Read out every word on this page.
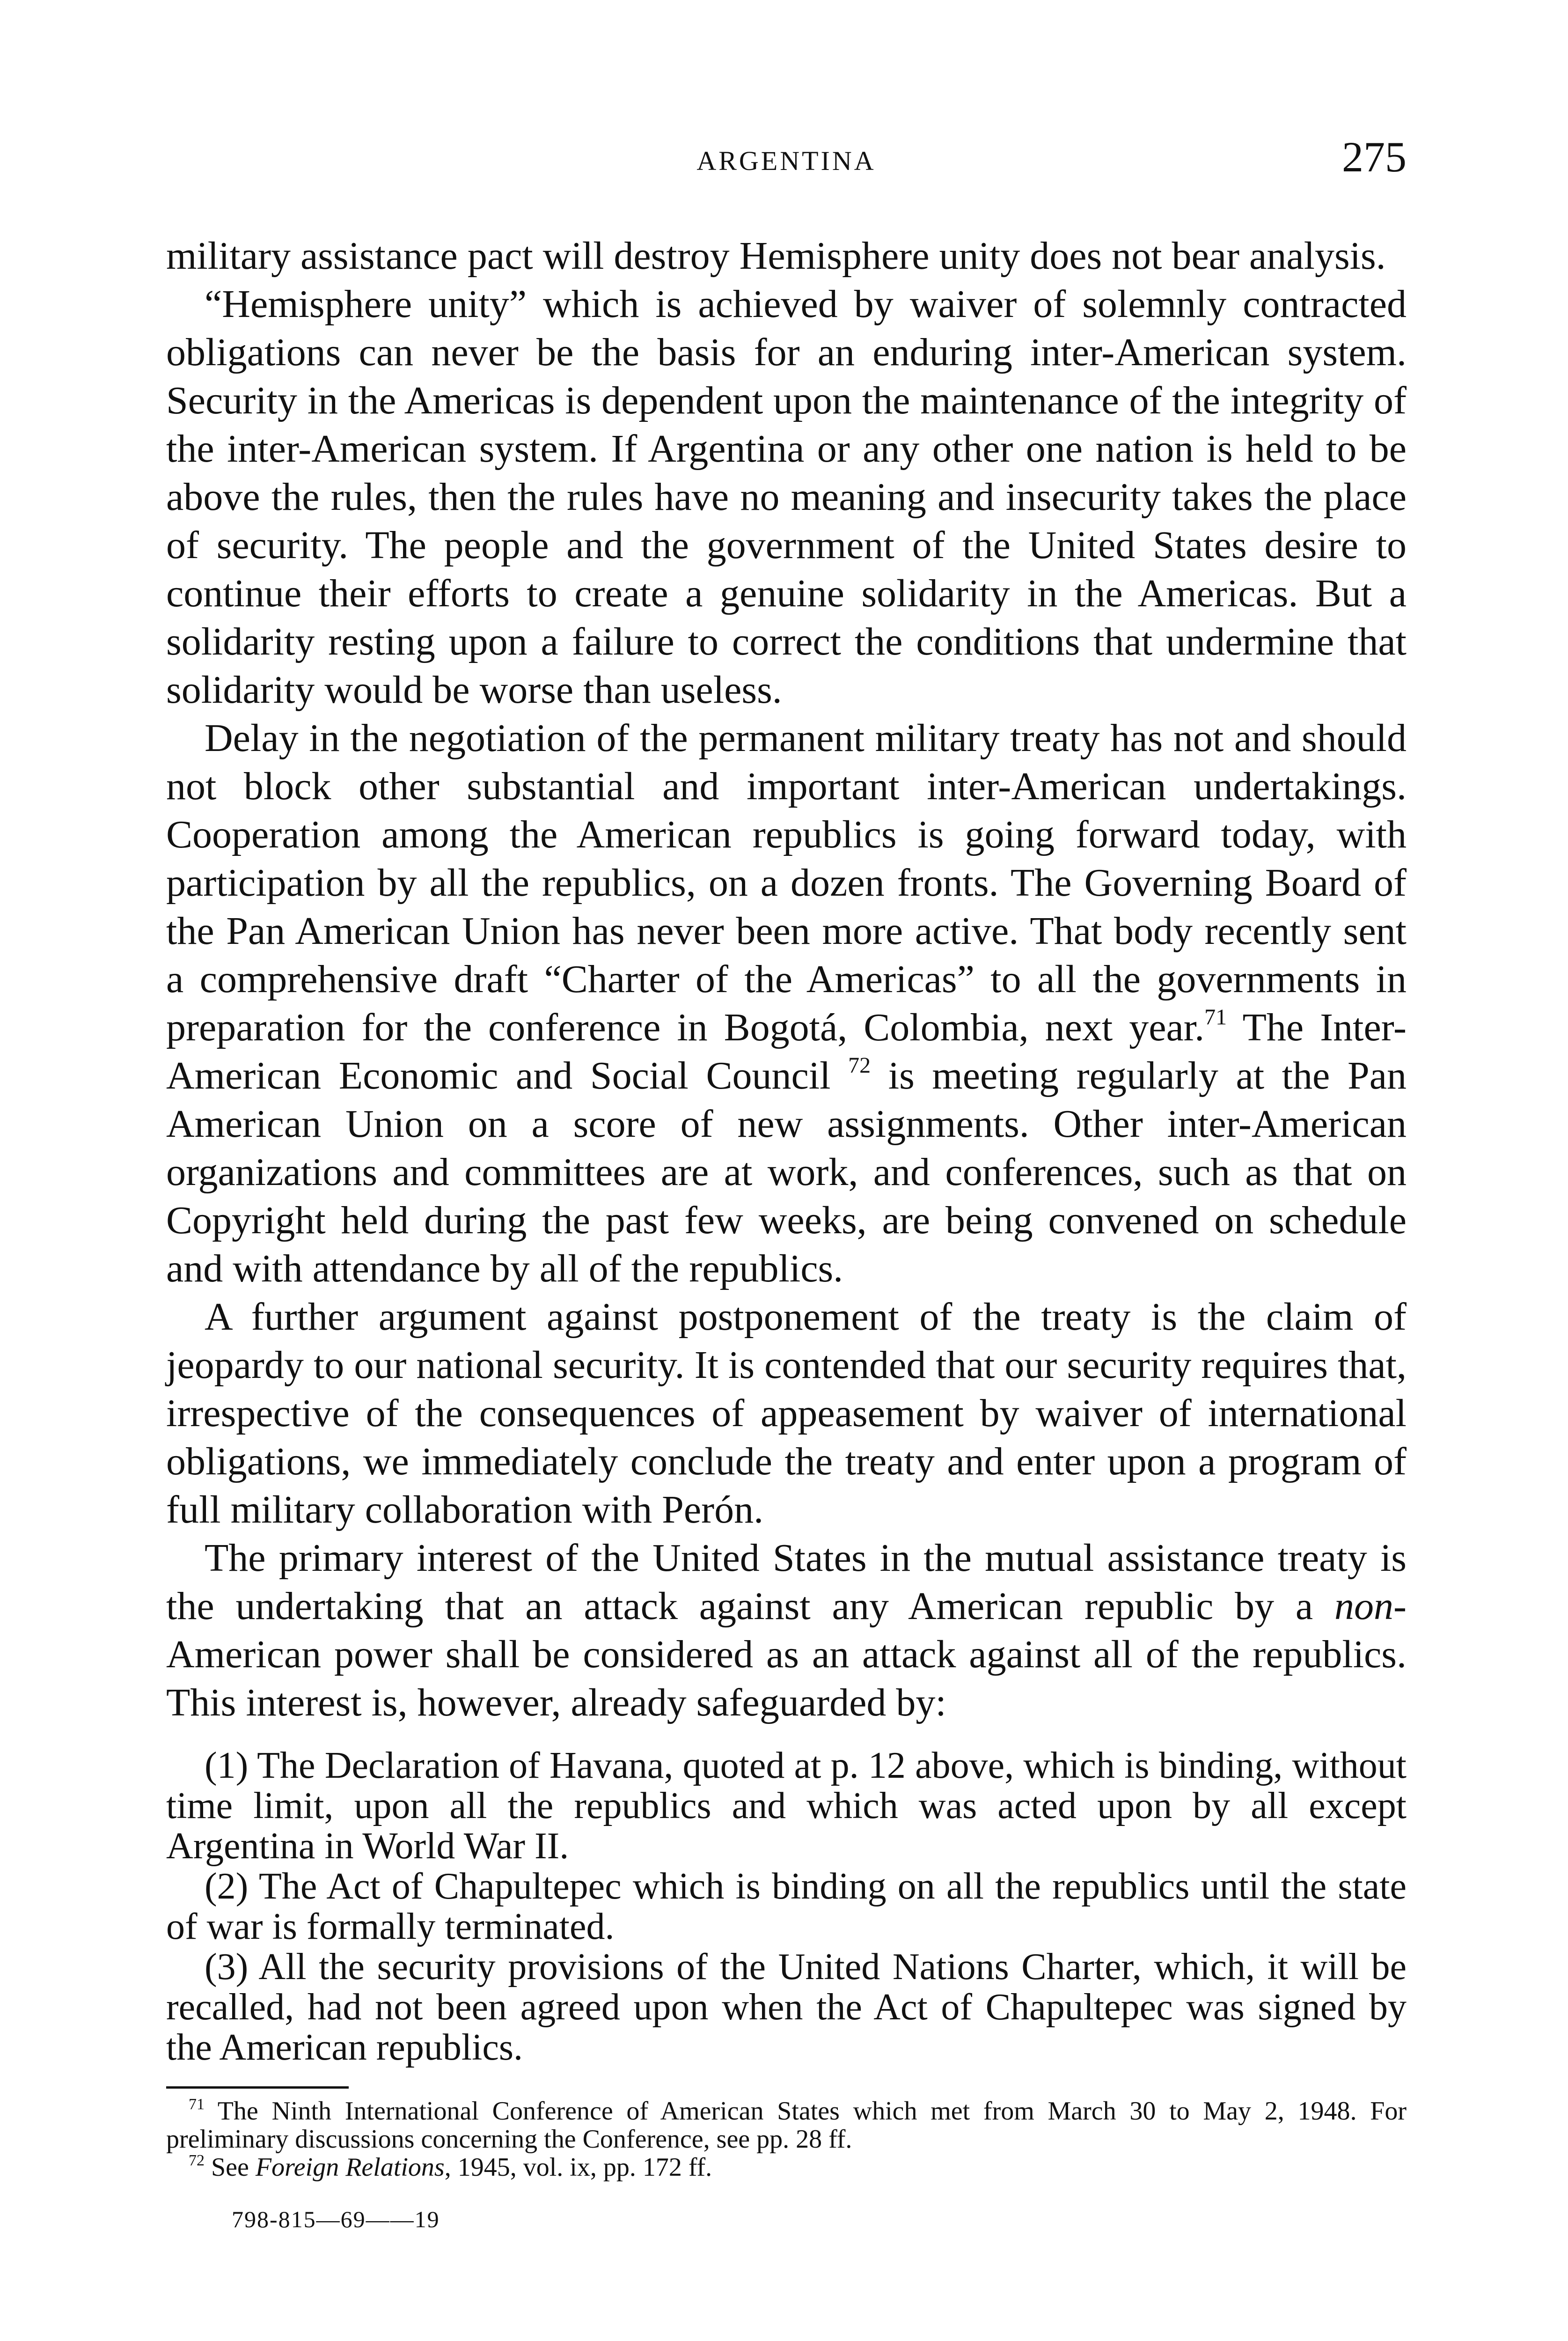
ARGENTINA	275

military assistance pact will destroy Hemisphere unity does not bear analysis.

“Hemisphere unity” which is achieved by waiver of solemnly contracted obligations can never be the basis for an enduring inter-American system. Security in the Americas is dependent upon the maintenance of the integrity of the inter-American system. If Argentina or any other one nation is held to be above the rules, then the rules have no meaning and insecurity takes the place of security. The people and the government of the United States desire to continue their efforts to create a genuine solidarity in the Americas. But a solidarity resting upon a failure to correct the conditions that undermine that solidarity would be worse than useless.

Delay in the negotiation of the permanent military treaty has not and should not block other substantial and important inter-American undertakings. Cooperation among the American republics is going forward today, with participation by all the republics, on a dozen fronts. The Governing Board of the Pan American Union has never been more active. That body recently sent a comprehensive draft “Charter of the Americas” to all the governments in preparation for the conference in Bogotá, Colombia, next year.$^{71}$ The Inter-American Economic and Social Council $^{72}$ is meeting regularly at the Pan American Union on a score of new assignments. Other inter-American organizations and committees are at work, and conferences, such as that on Copyright held during the past few weeks, are being convened on schedule and with attendance by all of the republics.

A further argument against postponement of the treaty is the claim of jeopardy to our national security. It is contended that our security requires that, irrespective of the consequences of appeasement by waiver of international obligations, we immediately conclude the treaty and enter upon a program of full military collaboration with Perón.

The primary interest of the United States in the mutual assistance treaty is the undertaking that an attack against any American republic by a non-American power shall be considered as an attack against all of the republics. This interest is, however, already safeguarded by:

(1) The Declaration of Havana, quoted at p. 12 above, which is binding, without time limit, upon all the republics and which was acted upon by all except Argentina in World War II.

(2) The Act of Chapultepec which is binding on all the republics until the state of war is formally terminated.

(3) All the security provisions of the United Nations Charter, which, it will be recalled, had not been agreed upon when the Act of Chapultepec was signed by the American republics.

$^{71}$ The Ninth International Conference of American States which met from March 30 to May 2, 1948. For preliminary discussions concerning the Conference, see pp. 28 ff.

$^{72}$ See Foreign Relations, 1945, vol. ix, pp. 172 ff.

798-815—69——19
